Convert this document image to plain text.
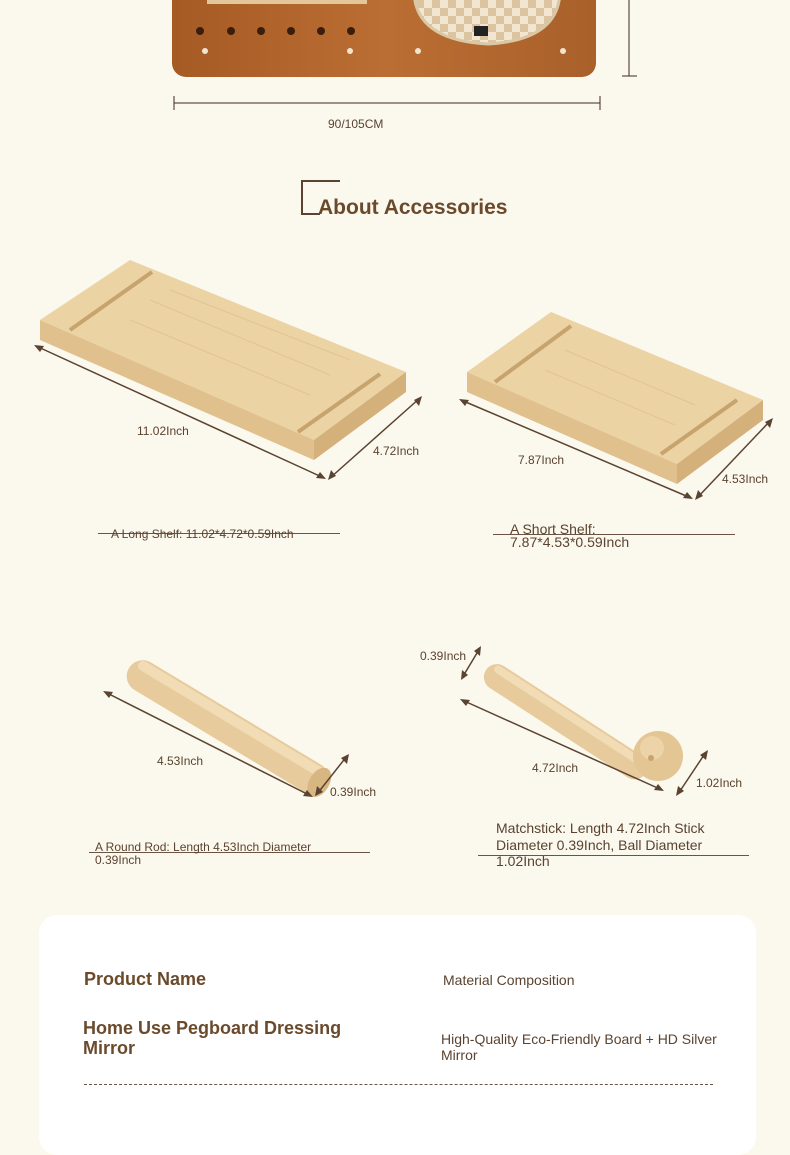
90/105CM
About Accessories
11.02Inch
4.72Inch
A Long Shelf: 11.02*4.72*0.59Inch
7.87Inch
4.53Inch
A Short Shelf:
7.87*4.53*0.59Inch
4.53Inch
0.39Inch
A Round Rod: Length 4.53Inch Diameter
0.39Inch
0.39Inch
4.72Inch
1.02Inch
Matchstick: Length 4.72Inch Stick
Diameter 0.39Inch, Ball Diameter
1.02Inch
Product Name
Home Use Pegboard Dressing Mirror
Material Composition
High-Quality Eco-Friendly Board + HD Silver Mirror
